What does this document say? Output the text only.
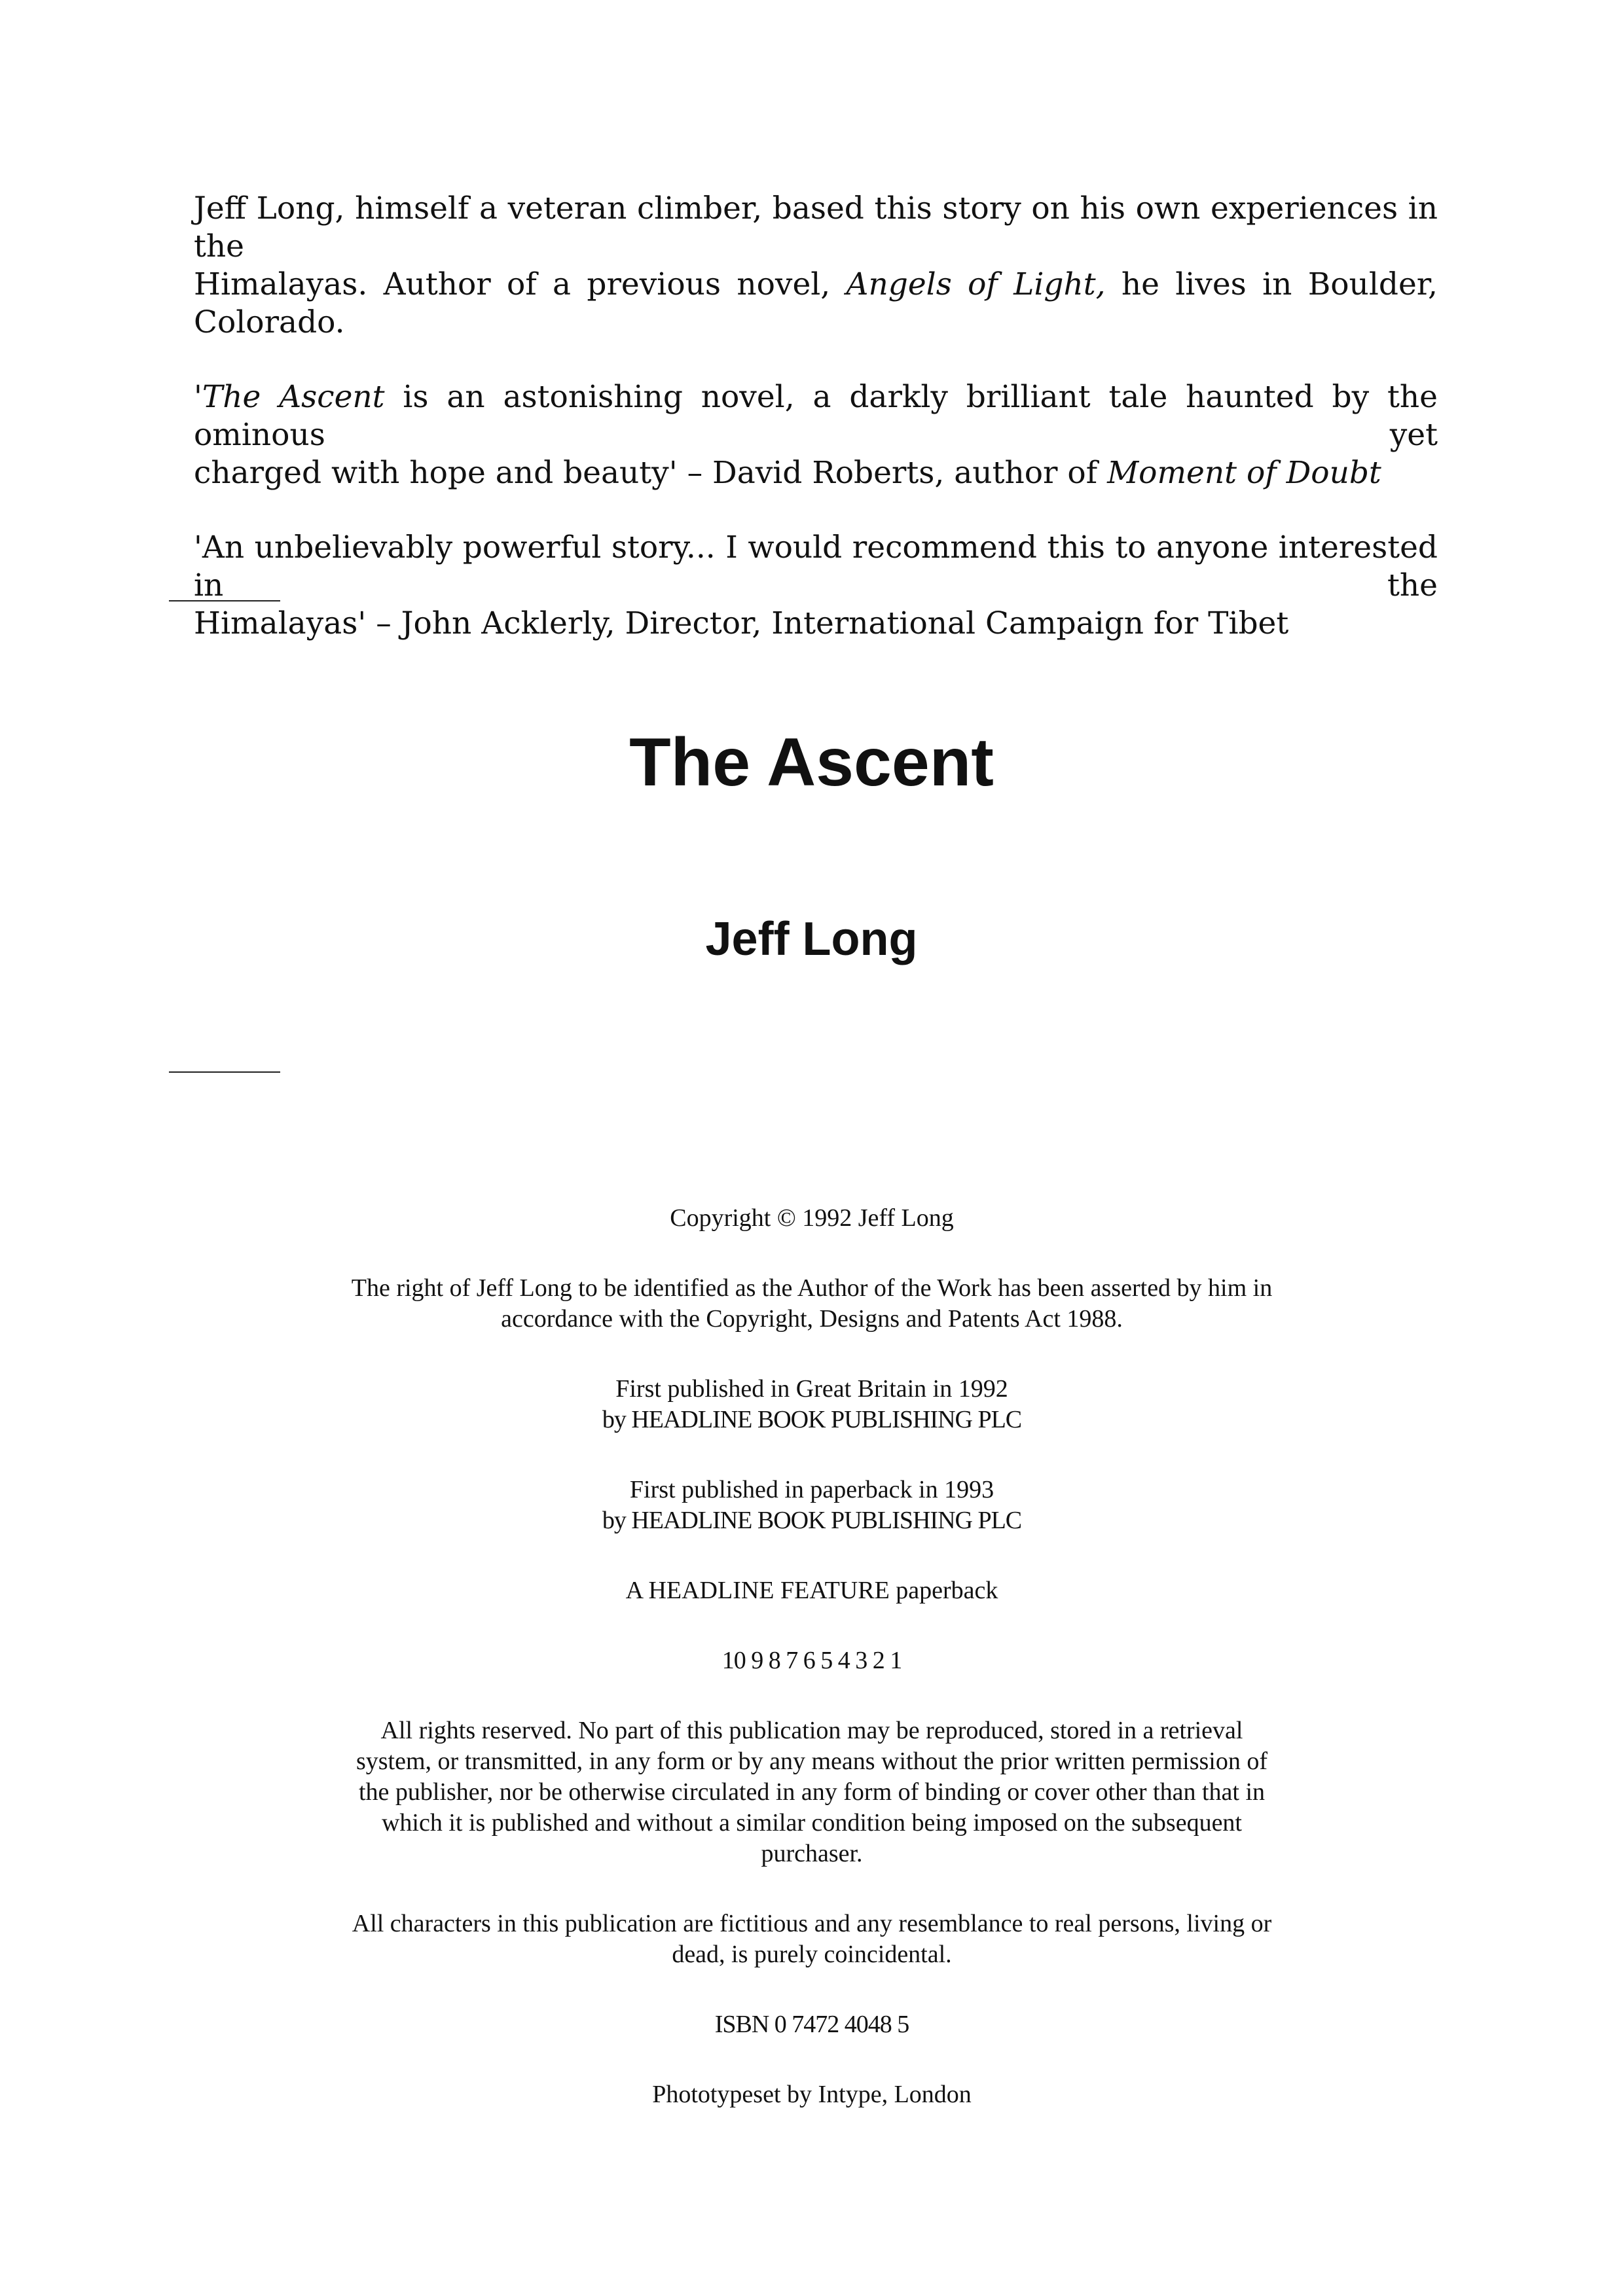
Jeff Long, himself a veteran climber, based this story on his own experiences in the
Himalayas. Author of a previous novel, Angels of Light, he lives in Boulder, Colorado.
'The Ascent is an astonishing novel, a darkly brilliant tale haunted by the ominous yet
charged with hope and beauty' – David Roberts, author of Moment of Doubt
'An unbelievably powerful story... I would recommend this to anyone interested in the
Himalayas' – John Acklerly, Director, International Campaign for Tibet
The Ascent
Jeff Long

Copyright © 1992 Jeff Long

The right of Jeff Long to be identified as the Author of the Work has been asserted by him in
accordance with the Copyright, Designs and Patents Act 1988.

First published in Great Britain in 1992
by HEADLINE BOOK PUBLISHING PLC

First published in paperback in 1993
by HEADLINE BOOK PUBLISHING PLC

A HEADLINE FEATURE paperback

10 9 8 7 6 5 4 3 2 1

All rights reserved. No part of this publication may be reproduced, stored in a retrieval
system, or transmitted, in any form or by any means without the prior written permission of
the publisher, nor be otherwise circulated in any form of binding or cover other than that in
which it is published and without a similar condition being imposed on the subsequent
purchaser.

All characters in this publication are fictitious and any resemblance to real persons, living or
dead, is purely coincidental.

ISBN 0 7472 4048 5

Phototypeset by Intype, London
